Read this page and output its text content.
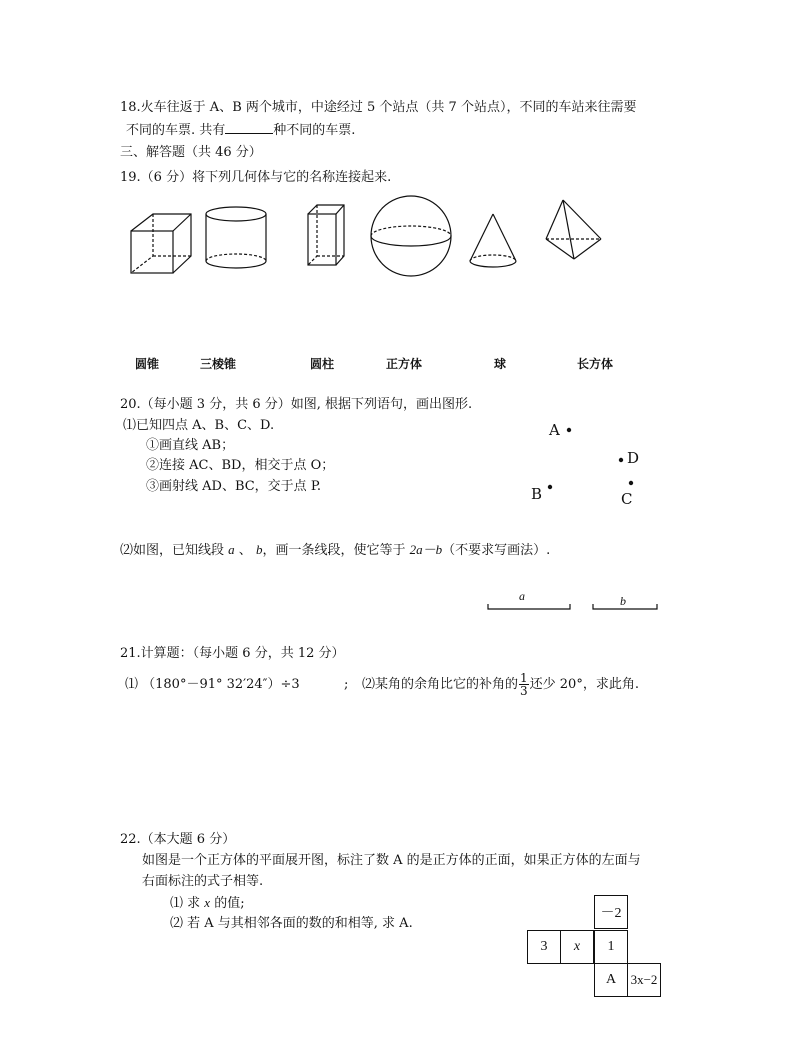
18.火车往返于 A、B 两个城市，中途经过 5 个站点（共 7 个站点），不同的车站来往需要
不同的车票. 共有	种不同的车票.
三、解答题（共 46 分）
19.（6 分）将下列几何体与它的名称连接起来.
圆锥	三棱锥	圆柱	正方体	球	长方体
20.（每小题 3 分，共 6 分）如图, 根据下列语句，画出图形.
⑴已知四点 A、B、C、D.
①画直线 AB；
②连接 AC、BD，相交于点 O；
③画射线 AD、BC，交于点 P.
A
D
B	C
⑵如图，已知线段 a 、 b，画一条线段，使它等于 2a－b（不要求写画法）.
a	b
21.计算题：（每小题 6 分，共 12 分）
⑴ （180°－91° 32′24″）÷3	; ⑵某角的余角比它的补角的 $\frac{1}{3}$ 还少 20°，求此角.
22.（本大题 6 分）
如图是一个正方体的平面展开图，标注了数 A 的是正方体的正面，如果正方体的左面与
右面标注的式子相等.
⑴ 求 x 的值;
⑵ 若 A 与其相邻各面的数的和相等, 求 A.
－2
3	x	1
A	3x−2
